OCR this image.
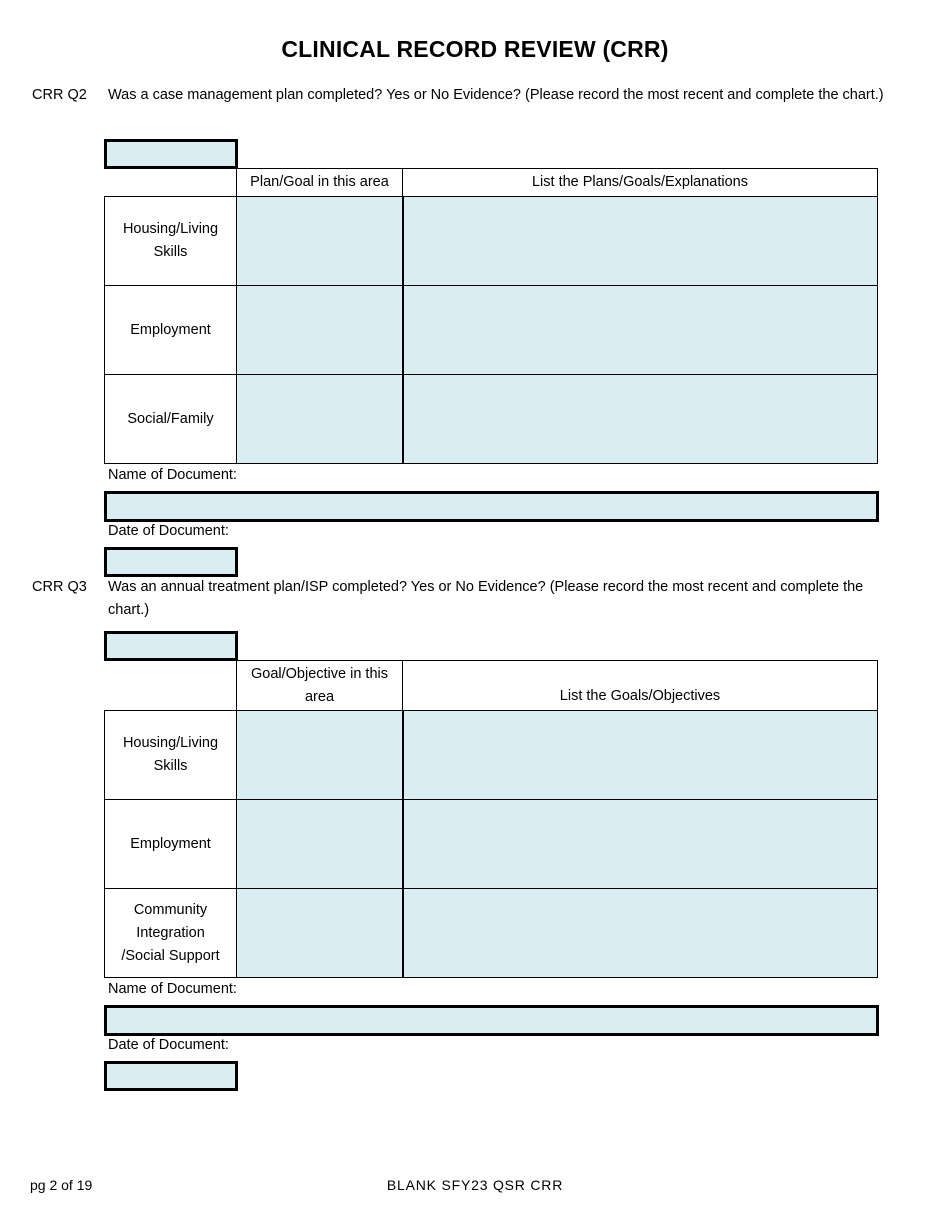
CLINICAL RECORD REVIEW (CRR)
CRR Q2 Was a case management plan completed? Yes or No Evidence? (Please record the most recent and complete the chart.)
Plan/Goal in this area	List the Plans/Goals/Explanations
Housing/Living Skills
Employment
Social/Family
Name of Document:
Date of Document:
CRR Q3 Was an annual treatment plan/ISP completed? Yes or No Evidence? (Please record the most recent and complete the chart.)
Goal/Objective in this area	List the Goals/Objectives
Housing/Living Skills
Employment
Community Integration /Social Support
Name of Document:
Date of Document:
pg 2 of 19	BLANK SFY23 QSR CRR
